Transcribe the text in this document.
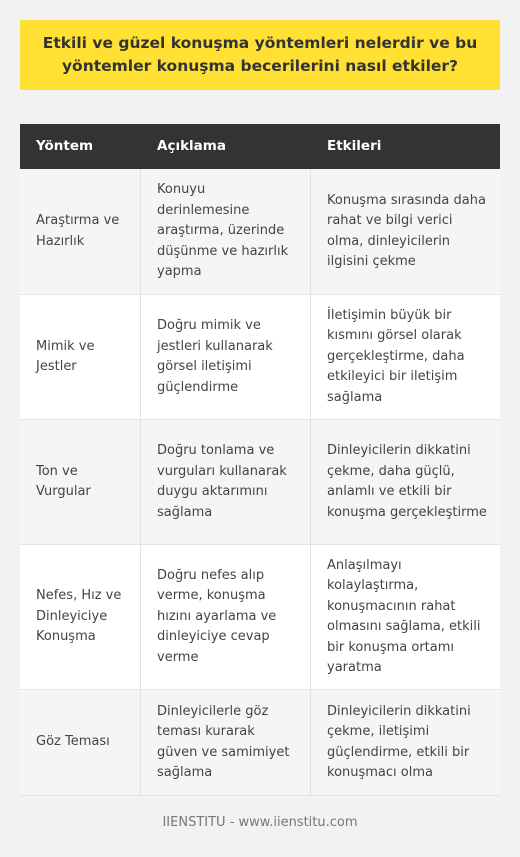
Etkili ve güzel konuşma yöntemleri nelerdir ve bu yöntemler konuşma becerilerini nasıl etkiler?
Yöntem	Açıklama	Etkileri
Araştırma ve Hazırlık
Konuyu derinlemesine araştırma, üzerinde düşünme ve hazırlık yapma
Konuşma sırasında daha rahat ve bilgi verici olma, dinleyicilerin ilgisini çekme
Mimik ve Jestler
Doğru mimik ve jestleri kullanarak görsel iletişimi güçlendirme
İletişimin büyük bir kısmını görsel olarak gerçekleştirme, daha etkileyici bir iletişim sağlama
Ton ve Vurgular
Doğru tonlama ve vurguları kullanarak duygu aktarımını sağlama
Dinleyicilerin dikkatini çekme, daha güçlü, anlamlı ve etkili bir konuşma gerçekleştirme
Nefes, Hız ve Dinleyiciye Konuşma
Doğru nefes alıp verme, konuşma hızını ayarlama ve dinleyiciye cevap verme
Anlaşılmayı kolaylaştırma, konuşmacının rahat olmasını sağlama, etkili bir konuşma ortamı yaratma
Göz Teması
Dinleyicilerle göz teması kurarak güven ve samimiyet sağlama
Dinleyicilerin dikkatini çekme, iletişimi güçlendirme, etkili bir konuşmacı olma
IIENSTITU - www.iienstitu.com
